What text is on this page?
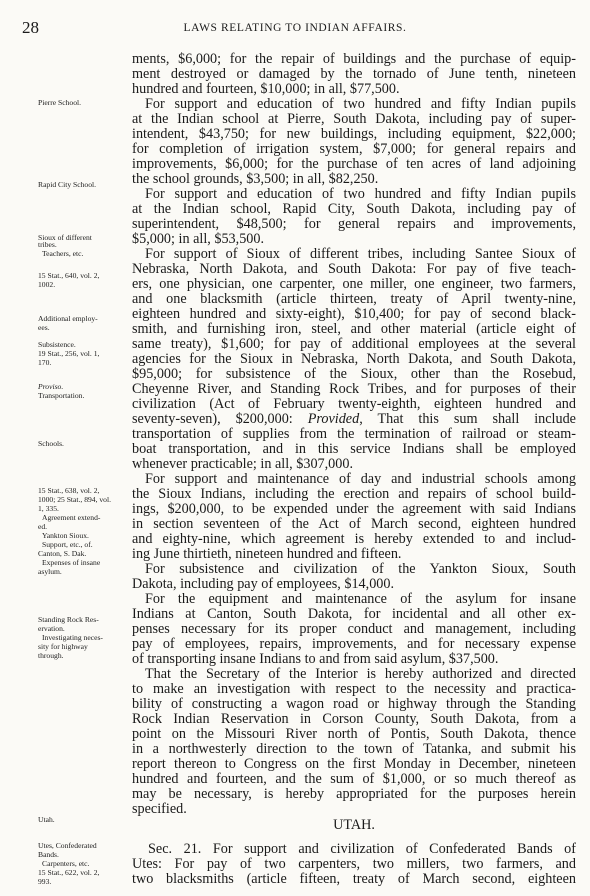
28	LAWS RELATING TO INDIAN AFFAIRS.
ments, $6,000; for the repair of buildings and the purchase of equip-
ment destroyed or damaged by the tornado of June tenth, nineteen
hundred and fourteen, $10,000; in all, $77,500.
For support and education of two hundred and fifty Indian pupils
at the Indian school at Pierre, South Dakota, including pay of super-
intendent, $43,750; for new buildings, including equipment, $22,000;
for completion of irrigation system, $7,000; for general repairs and
improvements, $6,000; for the purchase of ten acres of land adjoining
the school grounds, $3,500; in all, $82,250.
For support and education of two hundred and fifty Indian pupils
at the Indian school, Rapid City, South Dakota, including pay of
superintendent, $48,500; for general repairs and improvements,
$5,000; in all, $53,500.
For support of Sioux of different tribes, including Santee Sioux of
Nebraska, North Dakota, and South Dakota: For pay of five teach-
ers, one physician, one carpenter, one miller, one engineer, two farmers,
and one blacksmith (article thirteen, treaty of April twenty-nine,
eighteen hundred and sixty-eight), $10,400; for pay of second black-
smith, and furnishing iron, steel, and other material (article eight of
same treaty), $1,600; for pay of additional employees at the several
agencies for the Sioux in Nebraska, North Dakota, and South Dakota,
$95,000; for subsistence of the Sioux, other than the Rosebud,
Cheyenne River, and Standing Rock Tribes, and for purposes of their
civilization (Act of February twenty-eighth, eighteen hundred and
seventy-seven), $200,000: Provided, That this sum shall include
transportation of supplies from the termination of railroad or steam-
boat transportation, and in this service Indians shall be employed
whenever practicable; in all, $307,000.
For support and maintenance of day and industrial schools among
the Sioux Indians, including the erection and repairs of school build-
ings, $200,000, to be expended under the agreement with said Indians
in section seventeen of the Act of March second, eighteen hundred
and eighty-nine, which agreement is hereby extended to and includ-
ing June thirtieth, nineteen hundred and fifteen.
For subsistence and civilization of the Yankton Sioux, South
Dakota, including pay of employees, $14,000.
For the equipment and maintenance of the asylum for insane
Indians at Canton, South Dakota, for incidental and all other ex-
penses necessary for its proper conduct and management, including
pay of employees, repairs, improvements, and for necessary expense
of transporting insane Indians to and from said asylum, $37,500.
That the Secretary of the Interior is hereby authorized and directed
to make an investigation with respect to the necessity and practica-
bility of constructing a wagon road or highway through the Standing
Rock Indian Reservation in Corson County, South Dakota, from a
point on the Missouri River north of Pontis, South Dakota, thence
in a northwesterly direction to the town of Tatanka, and submit his
report thereon to Congress on the first Monday in December, nineteen
hundred and fourteen, and the sum of $1,000, or so much thereof as
may be necessary, is hereby appropriated for the purposes herein
specified.
UTAH.
Sec. 21. For support and civilization of Confederated Bands of
Utes: For pay of two carpenters, two millers, two farmers, and
two blacksmiths (article fifteen, treaty of March second, eighteen
Pierre School.
Rapid City School.
Sioux of different
tribes.
Teachers, etc.
15 Stat., 640, vol. 2,
1002.
Additional employ-
ees.
Subsistence.
19 Stat., 256, vol. 1,
170.
Proviso.
Transportation.
Schools.
15 Stat., 638, vol. 2,
1000; 25 Stat., 894, vol.
1, 335.
Agreement extend-
ed.
Yankton Sioux.
Support, etc., of.
Canton, S. Dak.
Expenses of insane
asylum.
Standing Rock Res-
ervation.
Investigating neces-
sity for highway
through.
Utah.
Utes, Confederated
Bands.
Carpenters, etc.
15 Stat., 622, vol. 2,
993.
